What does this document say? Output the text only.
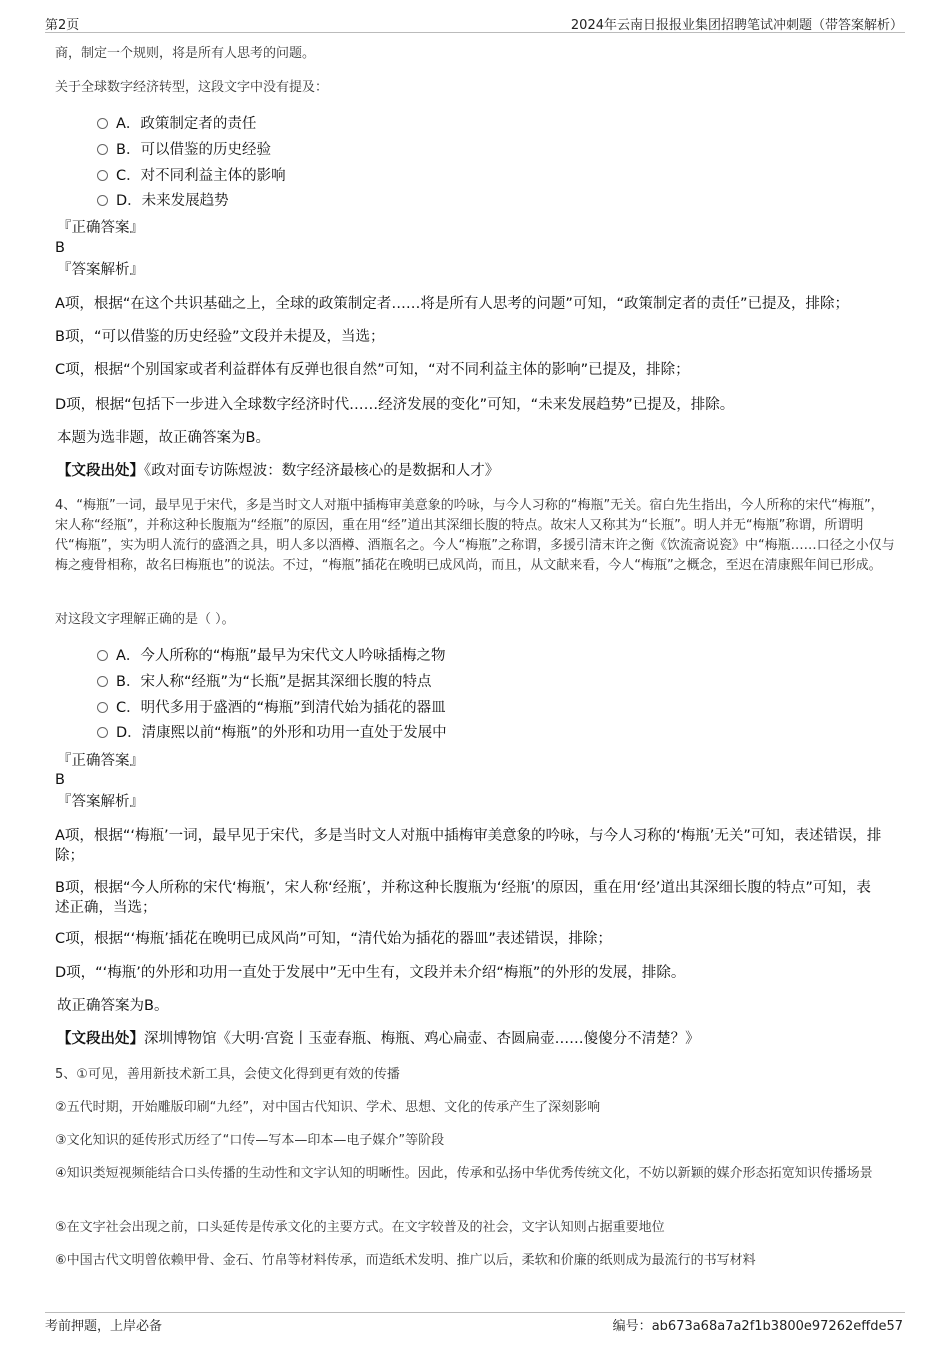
第2页	2024年云南日报报业集团招聘笔试冲刺题（带答案解析）
商，制定一个规则，将是所有人思考的问题。
关于全球数字经济转型，这段文字中没有提及：
A．政策制定者的责任
B．可以借鉴的历史经验
C．对不同利益主体的影响
D．未来发展趋势
『正确答案』
B
『答案解析』
A项，根据“在这个共识基础之上，全球的政策制定者……将是所有人思考的问题”可知，“政策制定者的责任”已提及，排除；
B项，“可以借鉴的历史经验”文段并未提及，当选；
C项，根据“个别国家或者利益群体有反弹也很自然”可知，“对不同利益主体的影响”已提及，排除；
D项，根据“包括下一步进入全球数字经济时代……经济发展的变化”可知，“未来发展趋势”已提及，排除。
本题为选非题，故正确答案为B。
【文段出处】《政对面专访陈煜波：数字经济最核心的是数据和人才》
4、“梅瓶”一词，最早见于宋代，多是当时文人对瓶中插梅审美意象的吟咏，与今人习称的“梅瓶”无关。宿白先生指出，今人所称的宋代“梅瓶”，宋人称“经瓶”，并称这种长腹瓶为“经瓶”的原因，重在用“经”道出其深细长腹的特点。故宋人又称其为“长瓶”。明人并无“梅瓶”称谓，所谓明代“梅瓶”，实为明人流行的盛酒之具，明人多以酒樽、酒瓶名之。今人“梅瓶”之称谓，多援引清末许之衡《饮流斋说瓷》中“梅瓶……口径之小仅与梅之瘦骨相称，故名曰梅瓶也”的说法。不过，“梅瓶”插花在晚明已成风尚，而且，从文献来看，今人“梅瓶”之概念，至迟在清康熙年间已形成。
对这段文字理解正确的是（ ）。
A．今人所称的“梅瓶”最早为宋代文人吟咏插梅之物
B．宋人称“经瓶”为“长瓶”是据其深细长腹的特点
C．明代多用于盛酒的“梅瓶”到清代始为插花的器皿
D．清康熙以前“梅瓶”的外形和功用一直处于发展中
『正确答案』
B
『答案解析』
A项，根据“‘梅瓶’一词，最早见于宋代，多是当时文人对瓶中插梅审美意象的吟咏，与今人习称的‘梅瓶’无关”可知，表述错误，排除；
B项，根据“今人所称的宋代‘梅瓶’，宋人称‘经瓶’，并称这种长腹瓶为‘经瓶’的原因，重在用‘经’道出其深细长腹的特点”可知，表述正确，当选；
C项，根据“‘梅瓶’插花在晚明已成风尚”可知，“清代始为插花的器皿”表述错误，排除；
D项，“‘梅瓶’的外形和功用一直处于发展中”无中生有，文段并未介绍“梅瓶”的外形的发展，排除。
故正确答案为B。
【文段出处】深圳博物馆《大明·宫瓷丨玉壶春瓶、梅瓶、鸡心扁壶、杏圆扁壶……傻傻分不清楚？》
5、①可见，善用新技术新工具，会使文化得到更有效的传播
②五代时期，开始雕版印刷“九经”，对中国古代知识、学术、思想、文化的传承产生了深刻影响
③文化知识的延传形式历经了“口传—写本—印本—电子媒介”等阶段
④知识类短视频能结合口头传播的生动性和文字认知的明晰性。因此，传承和弘扬中华优秀传统文化，不妨以新颖的媒介形态拓宽知识传播场景
⑤在文字社会出现之前，口头延传是传承文化的主要方式。在文字较普及的社会，文字认知则占据重要地位
⑥中国古代文明曾依赖甲骨、金石、竹帛等材料传承，而造纸术发明、推广以后，柔软和价廉的纸则成为最流行的书写材料
考前押题，上岸必备	编号：ab673a68a7a2f1b3800e97262effde57
